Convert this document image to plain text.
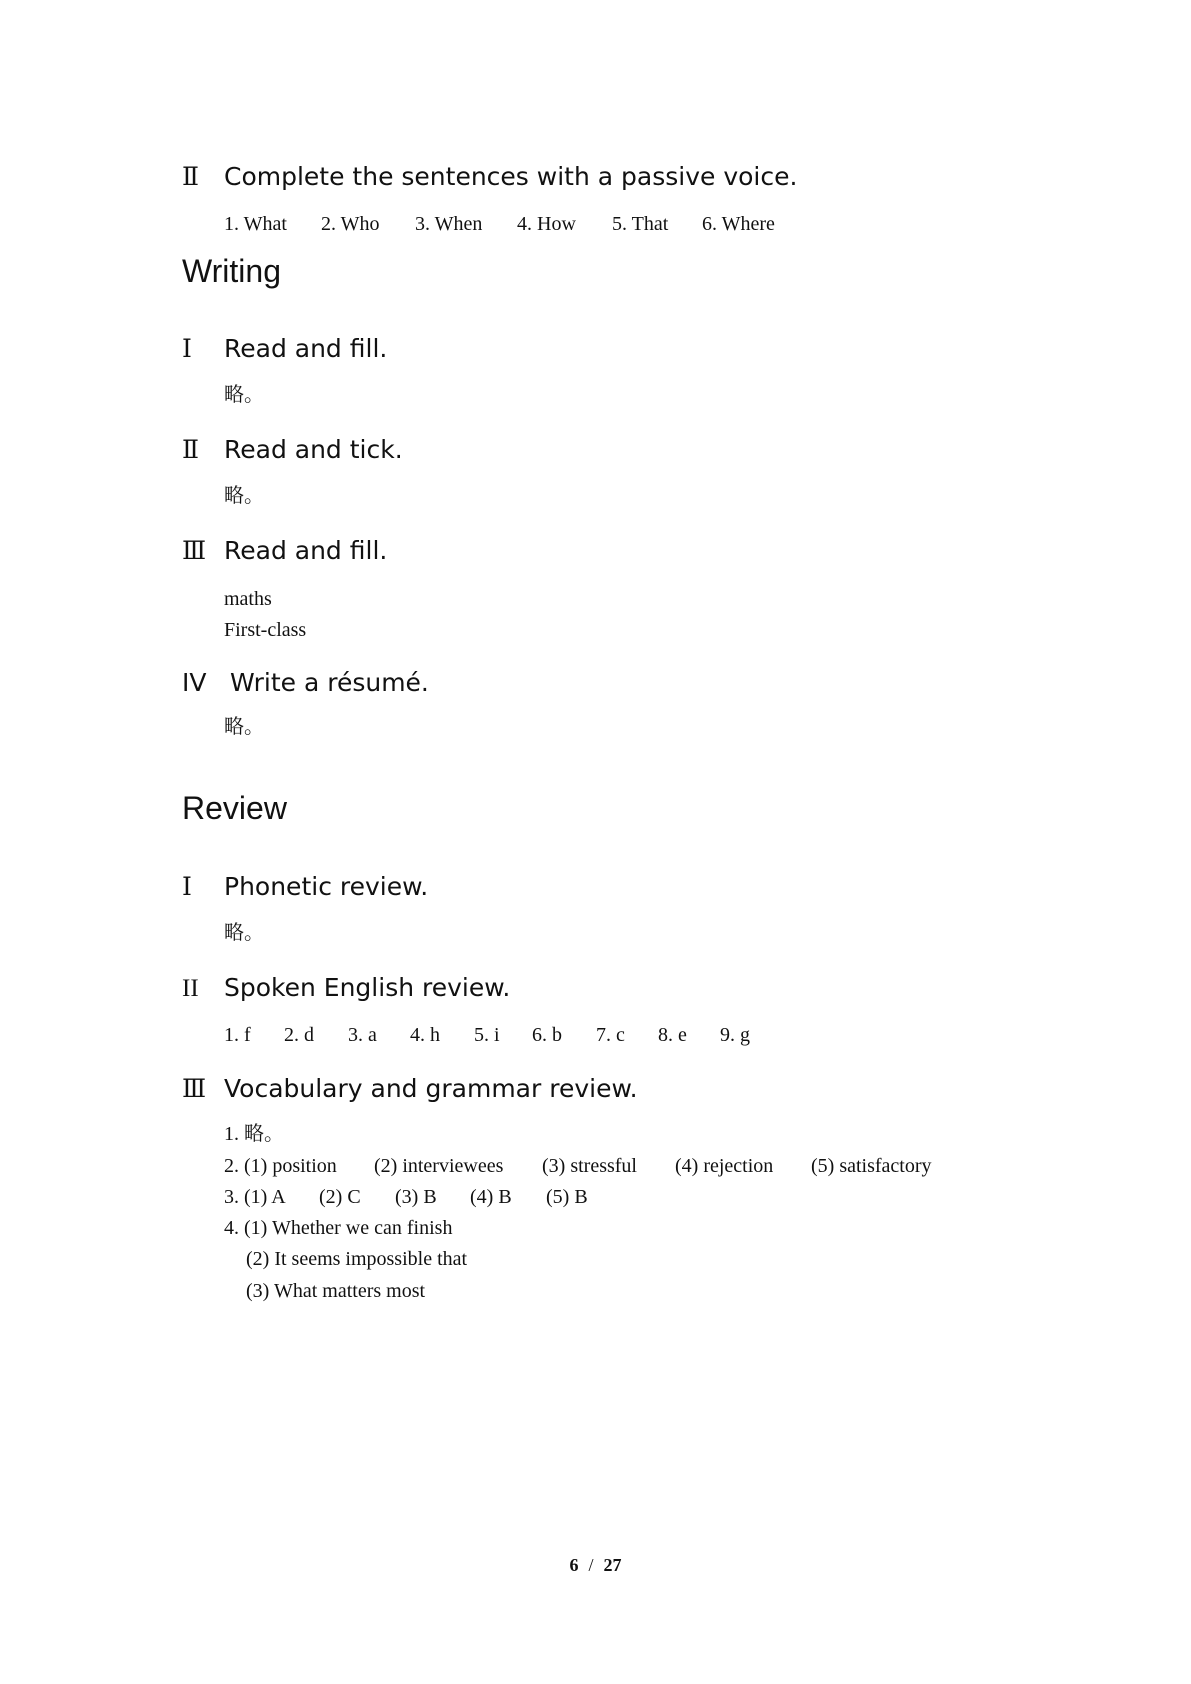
Ⅱ Complete the sentences with a passive voice.
1. What	2. Who	3. When	4. How	5. That	6. Where
Writing
Ⅰ Read and fill.
略。
Ⅱ Read and tick.
略。
Ⅲ Read and fill.
maths
First-class
IV Write a résumé.
略。
Review
Ⅰ Phonetic review.
略。
II Spoken English review.
1. f	2. d	3. a	4. h	5. i	6. b	7. c	8. e	9. g
Ⅲ Vocabulary and grammar review.
1. 略。
2. (1) position	(2) interviewees	(3) stressful	(4) rejection	(5) satisfactory
3. (1) A	(2) C	(3) B	(4) B	(5) B
4. (1) Whether we can finish
(2) It seems impossible that
(3) What matters most
6 / 27
